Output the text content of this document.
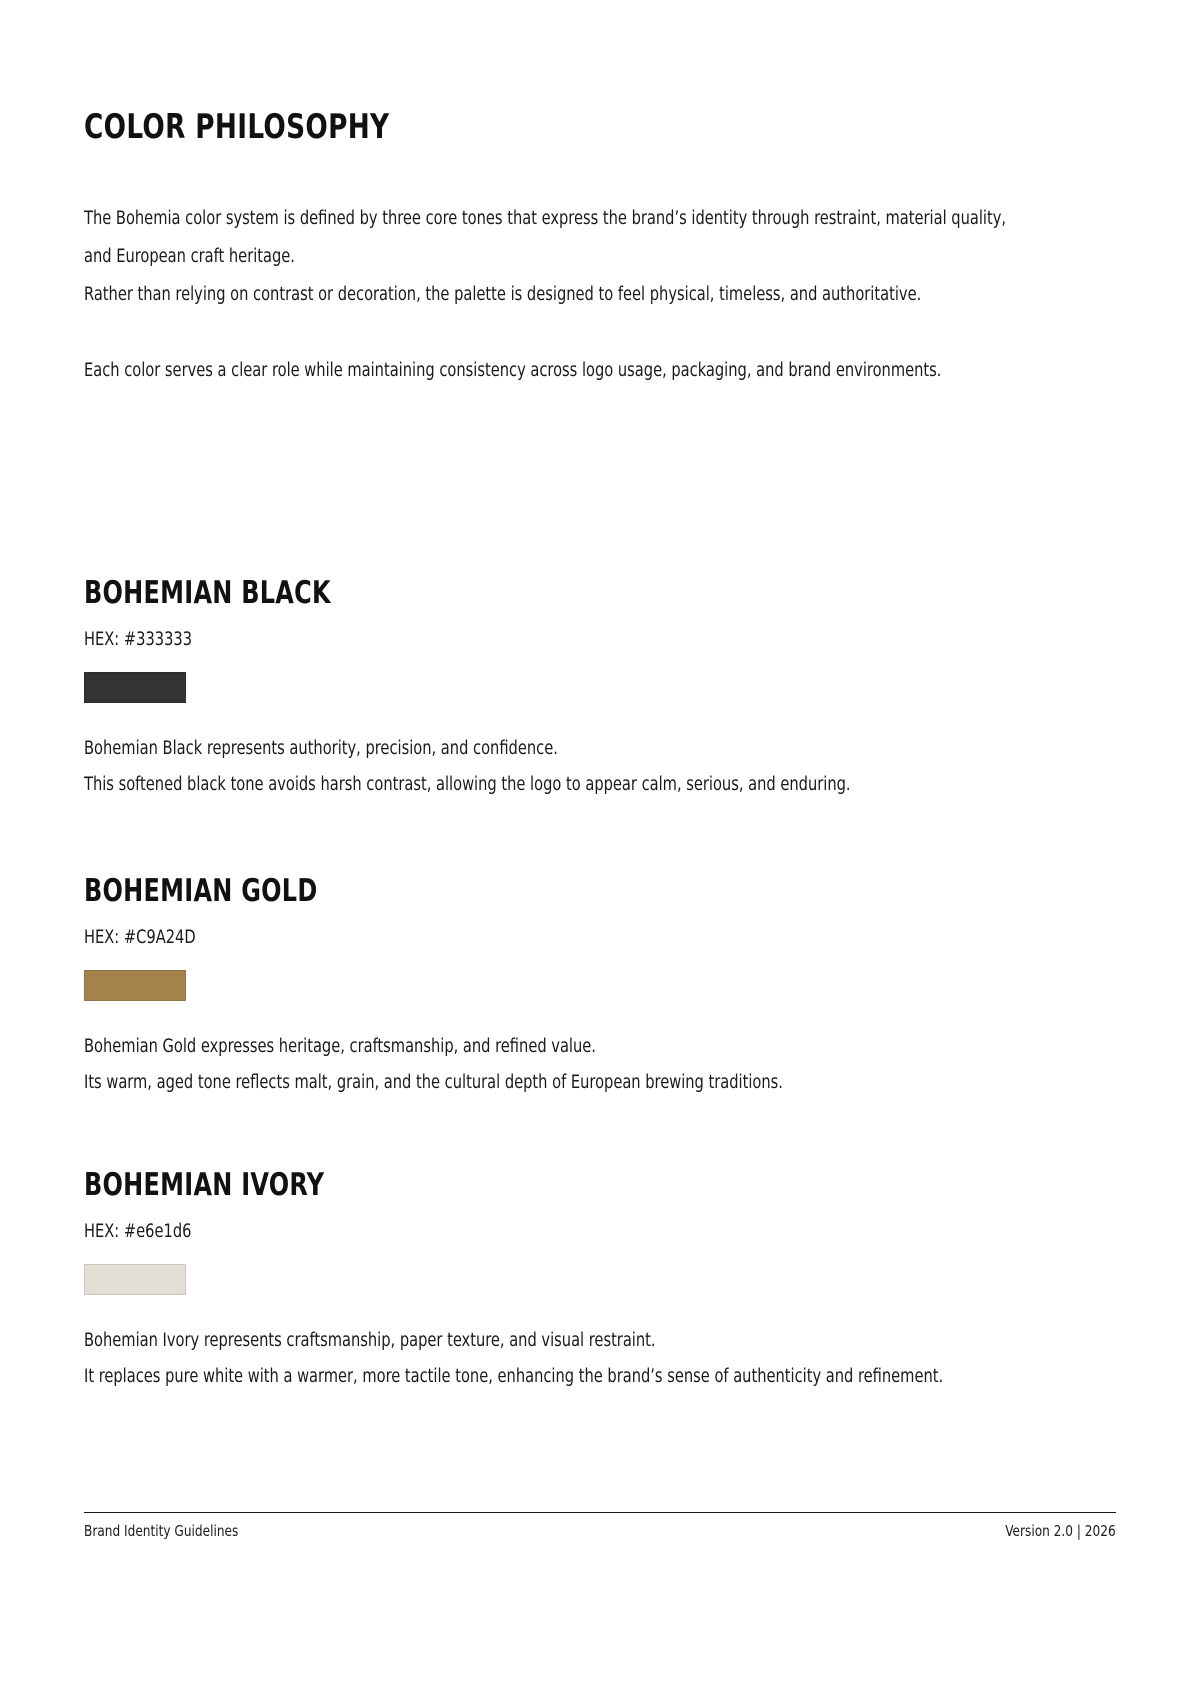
COLOR PHILOSOPHY
The Bohemia color system is defined by three core tones that express the brand’s identity through restraint, material quality,
and European craft heritage.
Rather than relying on contrast or decoration, the palette is designed to feel physical, timeless, and authoritative.
Each color serves a clear role while maintaining consistency across logo usage, packaging, and brand environments.
BOHEMIAN BLACK
HEX: #333333
Bohemian Black represents authority, precision, and confidence.
This softened black tone avoids harsh contrast, allowing the logo to appear calm, serious, and enduring.
BOHEMIAN GOLD
HEX: #C9A24D
Bohemian Gold expresses heritage, craftsmanship, and refined value.
Its warm, aged tone reflects malt, grain, and the cultural depth of European brewing traditions.
BOHEMIAN IVORY
HEX: #e6e1d6
Bohemian Ivory represents craftsmanship, paper texture, and visual restraint.
It replaces pure white with a warmer, more tactile tone, enhancing the brand’s sense of authenticity and refinement.
Brand Identity Guidelines	Version 2.0 | 2026
